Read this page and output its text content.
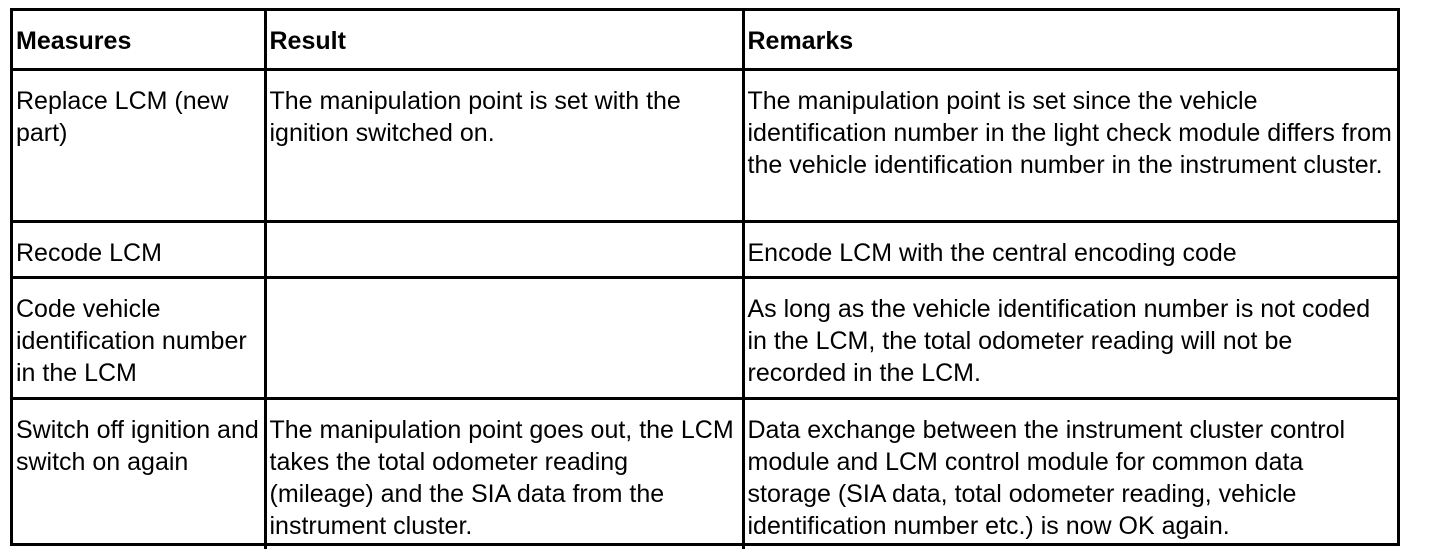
Measures	Result	Remarks
Replace LCM (new part)	The manipulation point is set with the ignition switched on.	The manipulation point is set since the vehicle identification number in the light check module differs from the vehicle identification number in the instrument cluster.
Recode LCM		Encode LCM with the central encoding code
Code vehicle identification number in the LCM		As long as the vehicle identification number is not coded in the LCM, the total odometer reading will not be recorded in the LCM.
Switch off ignition and switch on again	The manipulation point goes out, the LCM takes the total odometer reading (mileage) and the SIA data from the instrument cluster.	Data exchange between the instrument cluster control module and LCM control module for common data storage (SIA data, total odometer reading, vehicle identification number etc.) is now OK again.
